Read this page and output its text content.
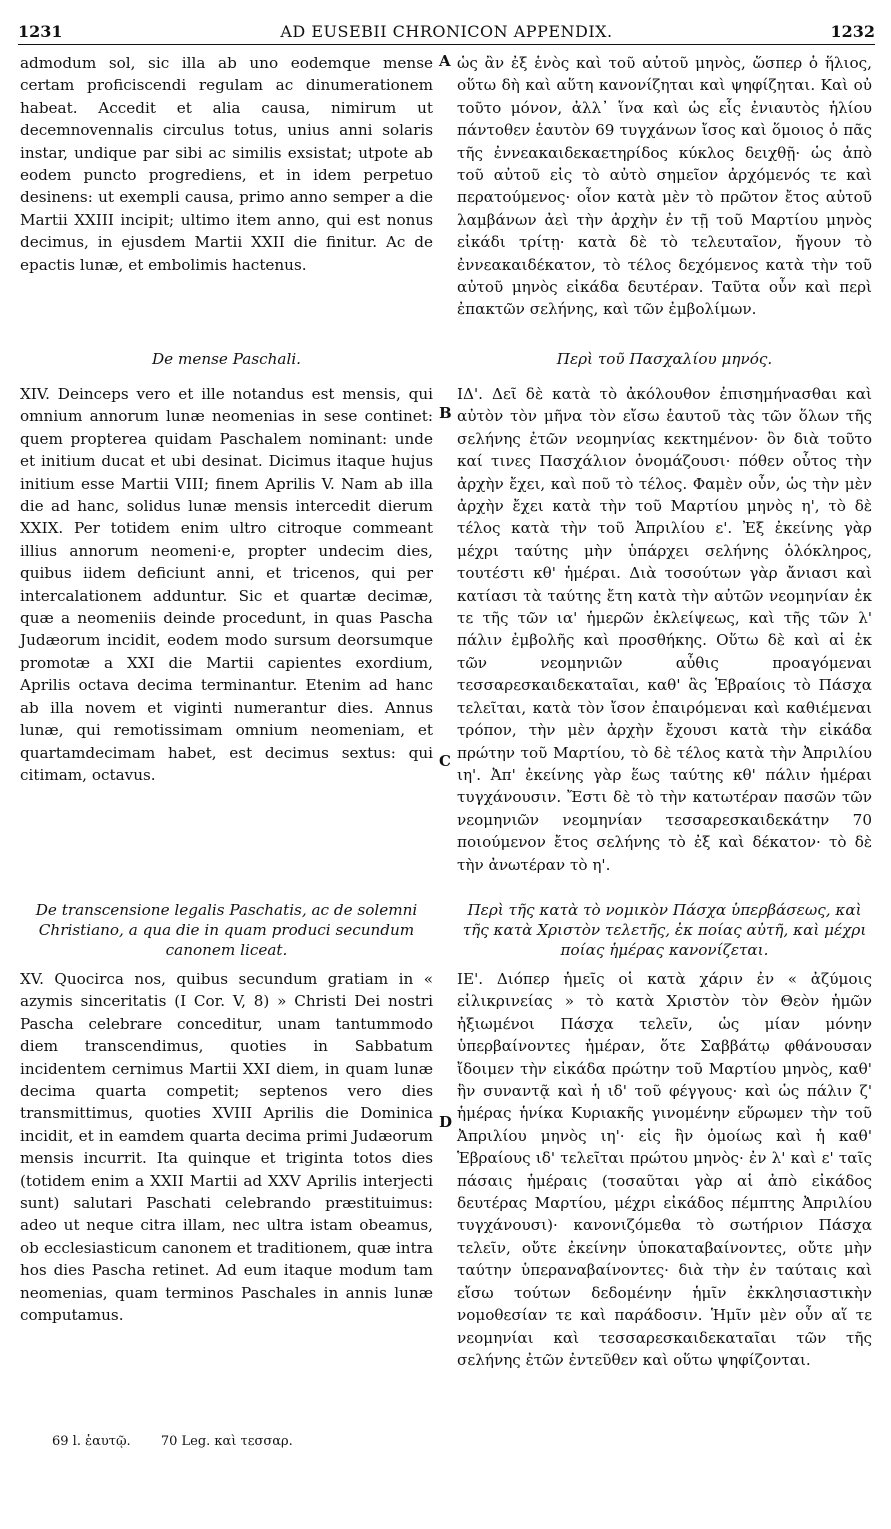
1231	AD EUSEBII CHRONICON APPENDIX.	1232

admodum sol, sic illa ab uno eodemque mense certam proficiscendi regulam ac dinumerationem habeat. Accedit et alia causa, nimirum ut decemnovennalis circulus totus, unius anni solaris instar, undique par sibi ac similis exsistat; utpote ab eodem puncto progrediens, et in idem perpetuo desinens: ut exempli causa, primo anno semper a die Martii XXIII incipit; ultimo item anno, qui est nonus decimus, in ejusdem Martii XXII die finitur. Ac de epactis lunæ, et embolimis hactenus.

De mense Paschali.

XIV. Deinceps vero et ille notandus est mensis, qui omnium annorum lunæ neomenias in sese continet: quem propterea quidam Paschalem nominant: unde et initium ducat et ubi desinat. Dicimus itaque hujus initium esse Martii VIII; finem Aprilis V. Nam ab illa die ad hanc, solidus lunæ mensis intercedit dierum XXIX. Per totidem enim ultro citroque commeant illius annorum neomeni·e, propter undecim dies, quibus iidem deficiunt anni, et tricenos, qui per intercalationem adduntur. Sic et quartæ decimæ, quæ a neomeniis deinde procedunt, in quas Pascha Judæorum incidit, eodem modo sursum deorsumque promotæ a XXI die Martii capientes exordium, Aprilis octava decima terminantur. Etenim ad hanc ab illa novem et viginti numerantur dies. Annus lunæ, qui remotissimam omnium neomeniam, et quartamdecimam habet, est decimus sextus: qui citimam, octavus.

De transcensione legalis Paschatis, ac de solemni Christiano, a qua die in quam produci secundum canonem liceat.

XV. Quocirca nos, quibus secundum gratiam in « azymis sinceritatis (I Cor. V, 8) » Christi Dei nostri Pascha celebrare conceditur, unam tantummodo diem transcendimus, quoties in Sabbatum incidentem cernimus Martii XXI diem, in quam lunæ decima quarta competit; septenos vero dies transmittimus, quoties XVIII Aprilis die Dominica incidit, et in eamdem quarta decima primi Judæorum mensis incurrit. Ita quinque et triginta totos dies (totidem enim a XXII Martii ad XXV Aprilis interjecti sunt) salutari Paschati celebrando præstituimus: adeo ut neque citra illam, nec ultra istam obeamus, ob ecclesiasticum canonem et traditionem, quæ intra hos dies Pascha retinet. Ad eum itaque modum tam neomenias, quam terminos Paschales in annis lunæ computamus.

ὡς ἂν ἐξ ἑνὸς καὶ τοῦ αὐτοῦ μηνὸς, ὥσπερ ὁ ἥλιος, οὕτω δὴ καὶ αὕτη κανονίζηται καὶ ψηφίζηται. Καὶ οὐ τοῦτο μόνον, ἀλλ᾽ ἵνα καὶ ὡς εἷς ἐνιαυτὸς ἡλίου πάντοθεν ἑαυτὸν 69 τυγχάνων ἴσος καὶ ὅμοιος ὁ πᾶς τῆς ἐννεακαιδεκαετηρίδος κύκλος δειχθῇ· ὡς ἀπὸ τοῦ αὐτοῦ εἰς τὸ αὐτὸ σημεῖον ἀρχόμενός τε καὶ περατούμενος· οἷον κατὰ μὲν τὸ πρῶτον ἔτος αὐτοῦ λαμβάνων ἀεὶ τὴν ἀρχὴν ἐν τῇ τοῦ Μαρτίου μηνὸς εἰκάδι τρίτῃ· κατὰ δὲ τὸ τελευταῖον, ἤγουν τὸ ἐννεακαιδέκατον, τὸ τέλος δεχόμενος κατὰ τὴν τοῦ αὐτοῦ μηνὸς εἰκάδα δευτέραν. Ταῦτα οὖν καὶ περὶ ἐπακτῶν σελήνης, καὶ τῶν ἐμβολίμων.

Περὶ τοῦ Πασχαλίου μηνός.

ΙΔ'. Δεῖ δὲ κατὰ τὸ ἀκόλουθον ἐπισημήνασθαι καὶ αὐτὸν τὸν μῆνα τὸν εἴσω ἑαυτοῦ τὰς τῶν ὅλων τῆς σελήνης ἐτῶν νεομηνίας κεκτημένον· ὃν διὰ τοῦτο καί τινες Πασχάλιον ὀνομάζουσι· πόθεν οὗτος τὴν ἀρχὴν ἔχει, καὶ ποῦ τὸ τέλος. Φαμὲν οὖν, ὡς τὴν μὲν ἀρχὴν ἔχει κατὰ τὴν τοῦ Μαρτίου μηνὸς η', τὸ δὲ τέλος κατὰ τὴν τοῦ Ἀπριλίου ε'. Ἐξ ἐκείνης γὰρ μέχρι ταύτης μὴν ὑπάρχει σελήνης ὁλόκληρος, τουτέστι κθ' ἡμέραι. Διὰ τοσούτων γὰρ ἄνιασι καὶ κατίασι τὰ ταύτης ἔτη κατὰ τὴν αὐτῶν νεομηνίαν ἐκ τε τῆς τῶν ια' ἡμερῶν ἐκλείψεως, καὶ τῆς τῶν λ' πάλιν ἐμβολῆς καὶ προσθήκης. Οὕτω δὲ καὶ αἱ ἐκ τῶν νεομηνιῶν αὖθις προαγόμεναι τεσσαρεσκαιδεκαταῖαι, καθ' ἃς Ἑβραίοις τὸ Πάσχα τελεῖται, κατὰ τὸν ἴσον ἐπαιρόμεναι καὶ καθιέμεναι τρόπον, τὴν μὲν ἀρχὴν ἔχουσι κατὰ τὴν εἰκάδα πρώτην τοῦ Μαρτίου, τὸ δὲ τέλος κατὰ τὴν Ἀπριλίου ιη'. Ἀπ' ἐκείνης γὰρ ἕως ταύτης κθ' πάλιν ἡμέραι τυγχάνουσιν. Ἔστι δὲ τὸ τὴν κατωτέραν πασῶν τῶν νεομηνιῶν νεομηνίαν τεσσαρεσκαιδεκάτην 70 ποιούμενον ἔτος σελήνης τὸ ἐξ καὶ δέκατον· τὸ δὲ τὴν ἀνωτέραν τὸ η'.

Περὶ τῆς κατὰ τὸ νομικὸν Πάσχα ὑπερβάσεως, καὶ τῆς κατὰ Χριστὸν τελετῆς, ἐκ ποίας αὐτῆ, καὶ μέχρι ποίας ἡμέρας κανονίζεται.

ΙΕ'. Διόπερ ἡμεῖς οἱ κατὰ χάριν ἐν « ἀζύμοις εἰλικρινείας » τὸ κατὰ Χριστὸν τὸν Θεὸν ἡμῶν ἠξιωμένοι Πάσχα τελεῖν, ὡς μίαν μόνην ὑπερβαίνοντες ἡμέραν, ὅτε Σαββάτῳ φθάνουσαν ἴδοιμεν τὴν εἰκάδα πρώτην τοῦ Μαρτίου μηνὸς, καθ' ἣν συναντᾷ καὶ ἡ ιδ' τοῦ φέγγους· καὶ ὡς πάλιν ζ' ἡμέρας ἡνίκα Κυριακῆς γινομένην εὕρωμεν τὴν τοῦ Ἀπριλίου μηνὸς ιη'· εἰς ἣν ὁμοίως καὶ ἡ καθ' Ἑβραίους ιδ' τελεῖται πρώτου μηνὸς· ἐν λ' καὶ ε' ταῖς πάσαις ἡμέραις (τοσαῦται γὰρ αἱ ἀπὸ εἰκάδος δευτέρας Μαρτίου, μέχρι εἰκάδος πέμπτης Ἀπριλίου τυγχάνουσι)· κανονιζόμεθα τὸ σωτήριον Πάσχα τελεῖν, οὔτε ἐκείνην ὑποκαταβαίνοντες, οὔτε μὴν ταύτην ὑπεραναβαίνοντες· διὰ τὴν ἐν ταύταις καὶ εἴσω τούτων δεδομένην ἡμῖν ἐκκλησιαστικὴν νομοθεσίαν τε καὶ παράδοσιν. Ἡμῖν μὲν οὖν αἵ τε νεομηνίαι καὶ τεσσαρεσκαιδεκαταῖαι τῶν τῆς σελήνης ἐτῶν ἐντεῦθεν καὶ οὕτω ψηφίζονται.

A
B
C
D
69 l. ἑαυτῷ. 70 Leg. καὶ τεσσαρ.
